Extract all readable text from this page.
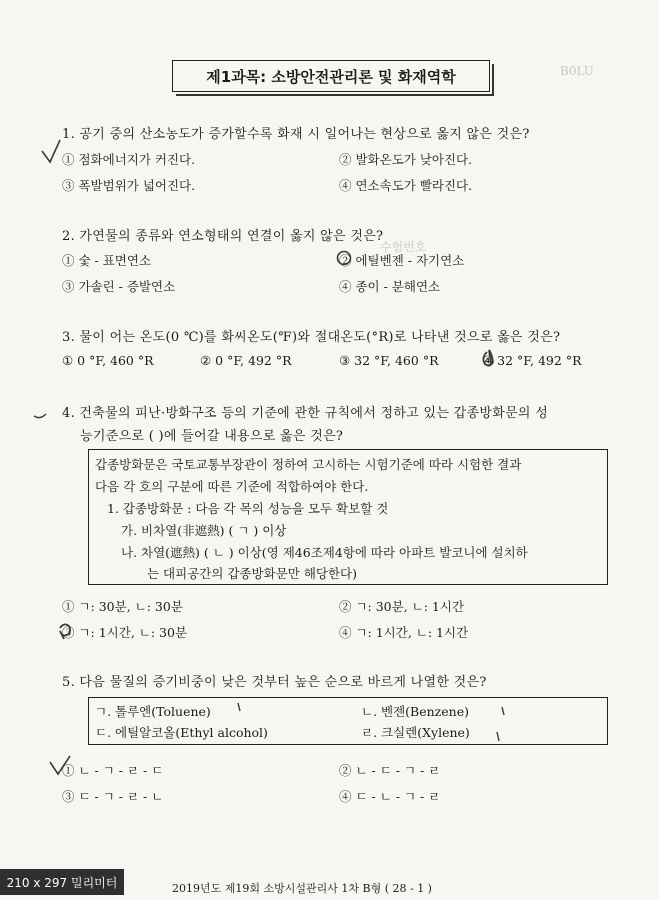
B0LU
수험번호
제1과목: 소방안전관리론 및 화재역학
1. 공기 중의 산소농도가 증가할수록 화재 시 일어나는 현상으로 옳지 않은 것은?
① 점화에너지가 커진다.	② 발화온도가 낮아진다.
③ 폭발범위가 넓어진다.	④ 연소속도가 빨라진다.
2. 가연물의 종류와 연소형태의 연결이 옳지 않은 것은?
① 숯 - 표면연소	② 에틸벤젠 - 자기연소
③ 가솔린 - 증발연소	④ 종이 - 분해연소
3. 물이 어는 온도(0 ℃)를 화씨온도(℉)와 절대온도(°R)로 나타낸 것으로 옳은 것은?
① 0 °F, 460 °R	② 0 °F, 492 °R	③ 32 °F, 460 °R	④ 32 °F, 492 °R
4. 건축물의 피난·방화구조 등의 기준에 관한 규칙에서 정하고 있는 갑종방화문의 성
능기준으로 ( )에 들어갈 내용으로 옳은 것은?
갑종방화문은 국토교통부장관이 정하여 고시하는 시험기준에 따라 시험한 결과
다음 각 호의 구분에 따른 기준에 적합하여야 한다.
1. 갑종방화문 : 다음 각 목의 성능을 모두 확보할 것
가. 비차열(非遮熱) ( ㄱ ) 이상
나. 차열(遮熱) ( ㄴ ) 이상(영 제46조제4항에 따라 아파트 발코니에 설치하
는 대피공간의 갑종방화문만 해당한다)
① ㄱ: 30분, ㄴ: 30분	② ㄱ: 30분, ㄴ: 1시간
③ ㄱ: 1시간, ㄴ: 30분	④ ㄱ: 1시간, ㄴ: 1시간
5. 다음 물질의 증기비중이 낮은 것부터 높은 순으로 바르게 나열한 것은?
ㄱ. 톨루엔(Toluene)	ㄴ. 벤젠(Benzene)
ㄷ. 에틸알코올(Ethyl alcohol)	ㄹ. 크실렌(Xylene)
① ㄴ - ㄱ - ㄹ - ㄷ	② ㄴ - ㄷ - ㄱ - ㄹ
③ ㄷ - ㄱ - ㄹ - ㄴ	④ ㄷ - ㄴ - ㄱ - ㄹ
2019년도 제19회 소방시설관리사 1차 B형 ( 28 - 1 )
210 x 297 밀리미터
